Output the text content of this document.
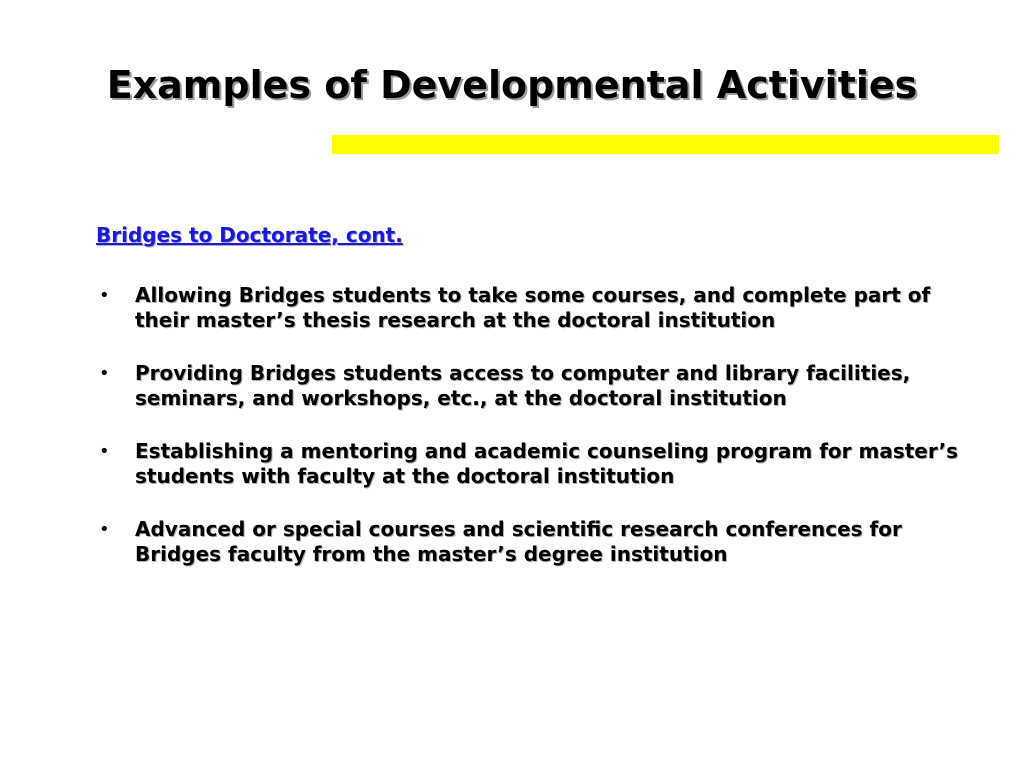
Examples of Developmental Activities
Bridges to Doctorate, cont.
• Allowing Bridges students to take some courses, and complete part of their master’s thesis research at the doctoral institution
• Providing Bridges students access to computer and library facilities, seminars, and workshops, etc., at the doctoral institution
• Establishing a mentoring and academic counseling program for master’s students with faculty at the doctoral institution
• Advanced or special courses and scientific research conferences for Bridges faculty from the master’s degree institution
